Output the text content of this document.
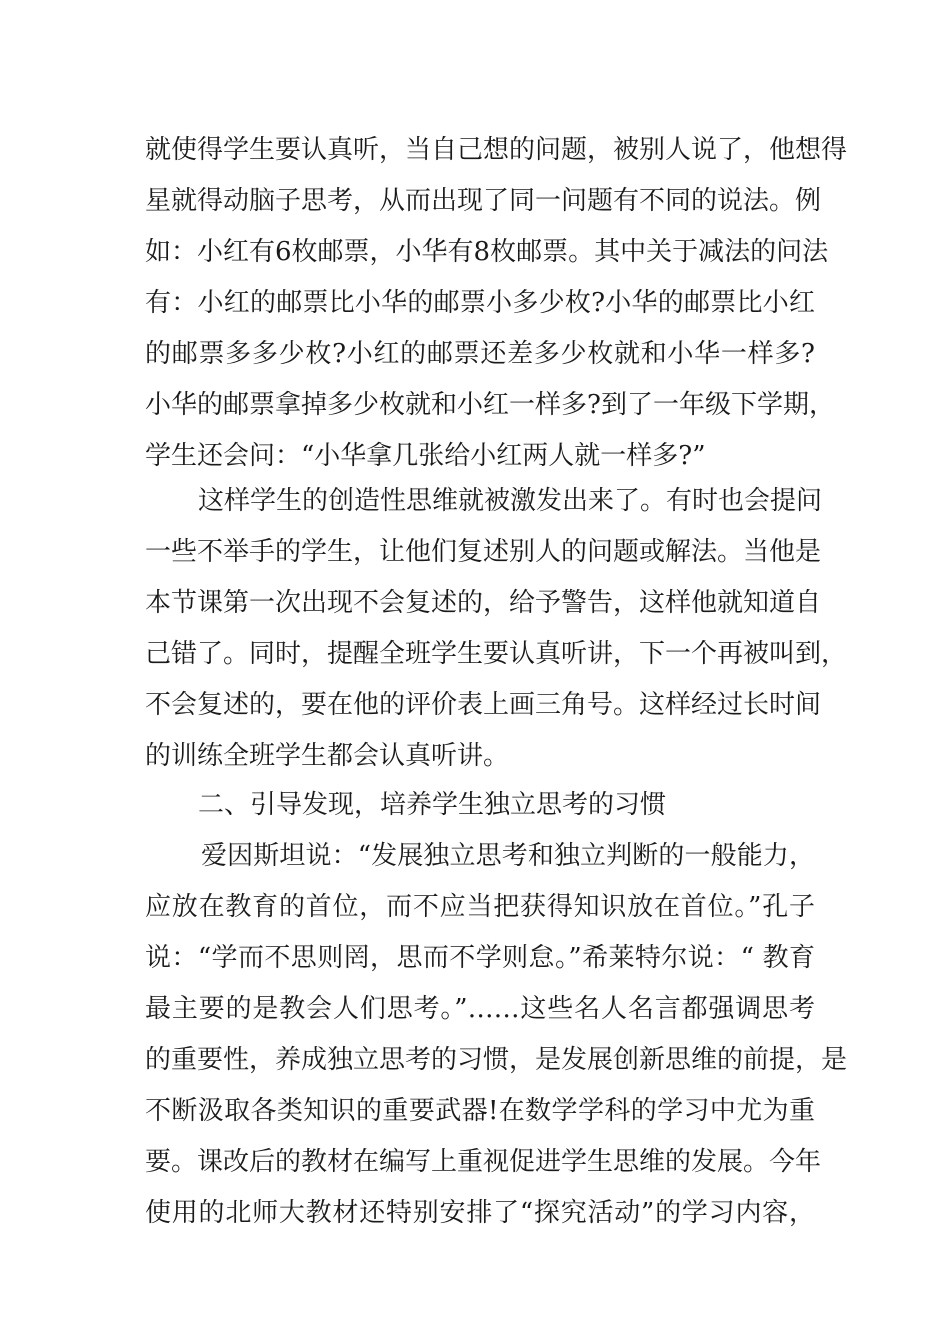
就使得学生要认真听，当自己想的问题，被别人说了，他想得
星就得动脑子思考，从而出现了同一问题有不同的说法。例
如：小红有6枚邮票，小华有8枚邮票。其中关于减法的问法
有：小红的邮票比小华的邮票小多少枚?小华的邮票比小红
的邮票多多少枚?小红的邮票还差多少枚就和小华一样多?
小华的邮票拿掉多少枚就和小红一样多?到了一年级下学期，
学生还会问：“小华拿几张给小红两人就一样多?”
这样学生的创造性思维就被激发出来了。有时也会提问
一些不举手的学生，让他们复述别人的问题或解法。当他是
本节课第一次出现不会复述的，给予警告，这样他就知道自
己错了。同时，提醒全班学生要认真听讲，下一个再被叫到，
不会复述的，要在他的评价表上画三角号。这样经过长时间
的训练全班学生都会认真听讲。
二、引导发现，培养学生独立思考的习惯
爱因斯坦说：“发展独立思考和独立判断的一般能力，
应放在教育的首位，而不应当把获得知识放在首位。”孔子
说：“学而不思则罔，思而不学则怠。”希莱特尔说：“ 教育
最主要的是教会人们思考。”……这些名人名言都强调思考
的重要性，养成独立思考的习惯，是发展创新思维的前提，是
不断汲取各类知识的重要武器!在数学学科的学习中尤为重
要。课改后的教材在编写上重视促进学生思维的发展。今年
使用的北师大教材还特别安排了“探究活动”的学习内容，
